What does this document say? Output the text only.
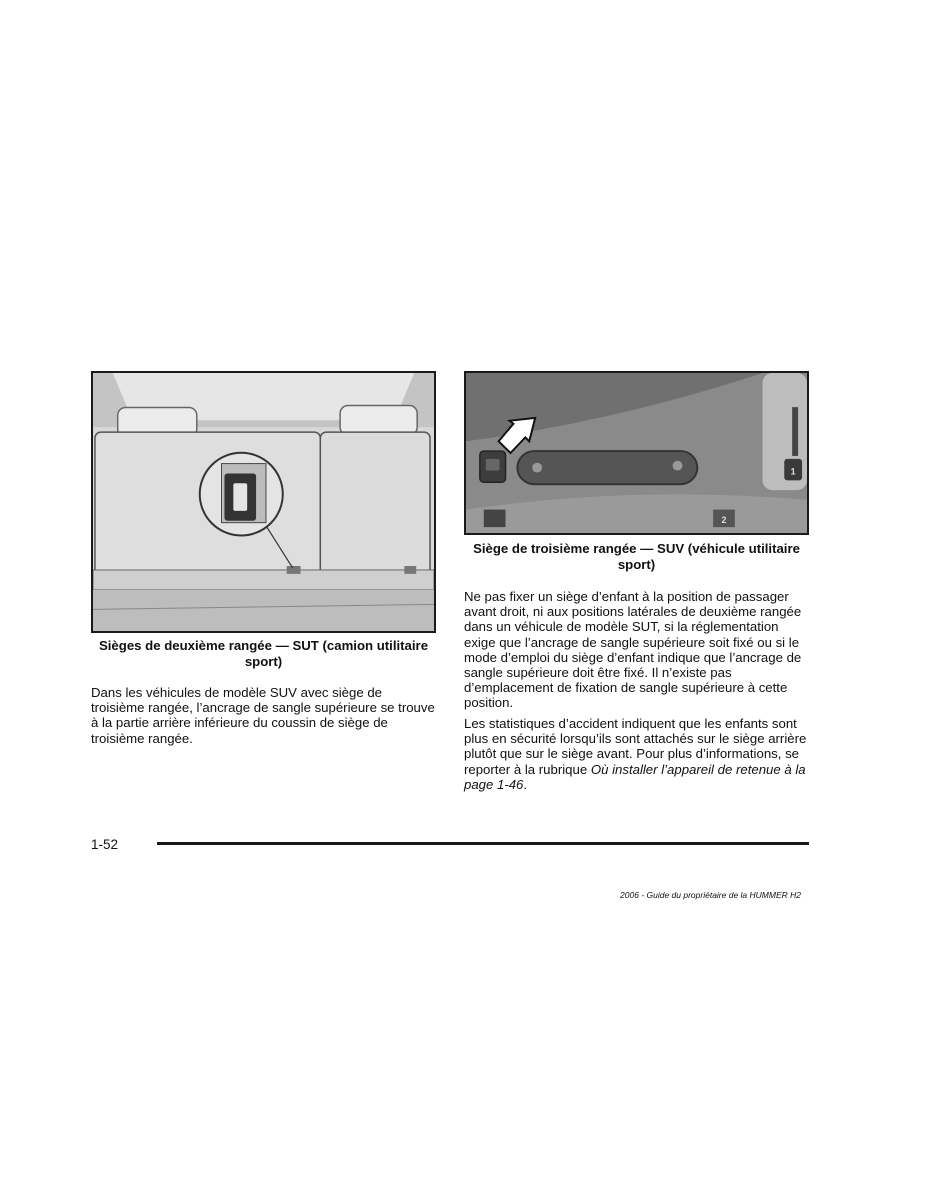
Sièges de deuxième rangée — SUT (camion utilitaire sport)
1
2
Siège de troisième rangée — SUV (véhicule utilitaire sport)

Dans les véhicules de modèle SUV avec siège de troisième rangée, l’ancrage de sangle supérieure se trouve à la partie arrière inférieure du coussin de siège de troisième rangée.

Ne pas fixer un siège d’enfant à la position de passager avant droit, ni aux positions latérales de deuxième rangée dans un véhicule de modèle SUT, si la réglementation exige que l’ancrage de sangle supérieure soit fixé ou si le mode d’emploi du siège d’enfant indique que l’ancrage de sangle supérieure doit être fixé. Il n’existe pas d’emplacement de fixation de sangle supérieure à cette position.

Les statistiques d’accident indiquent que les enfants sont plus en sécurité lorsqu’ils sont attachés sur le siège arrière plutôt que sur le siège avant. Pour plus d’informations, se reporter à la rubrique Où installer l’appareil de retenue à la page 1-46.

1-52
2006 - Guide du propriétaire de la HUMMER H2
